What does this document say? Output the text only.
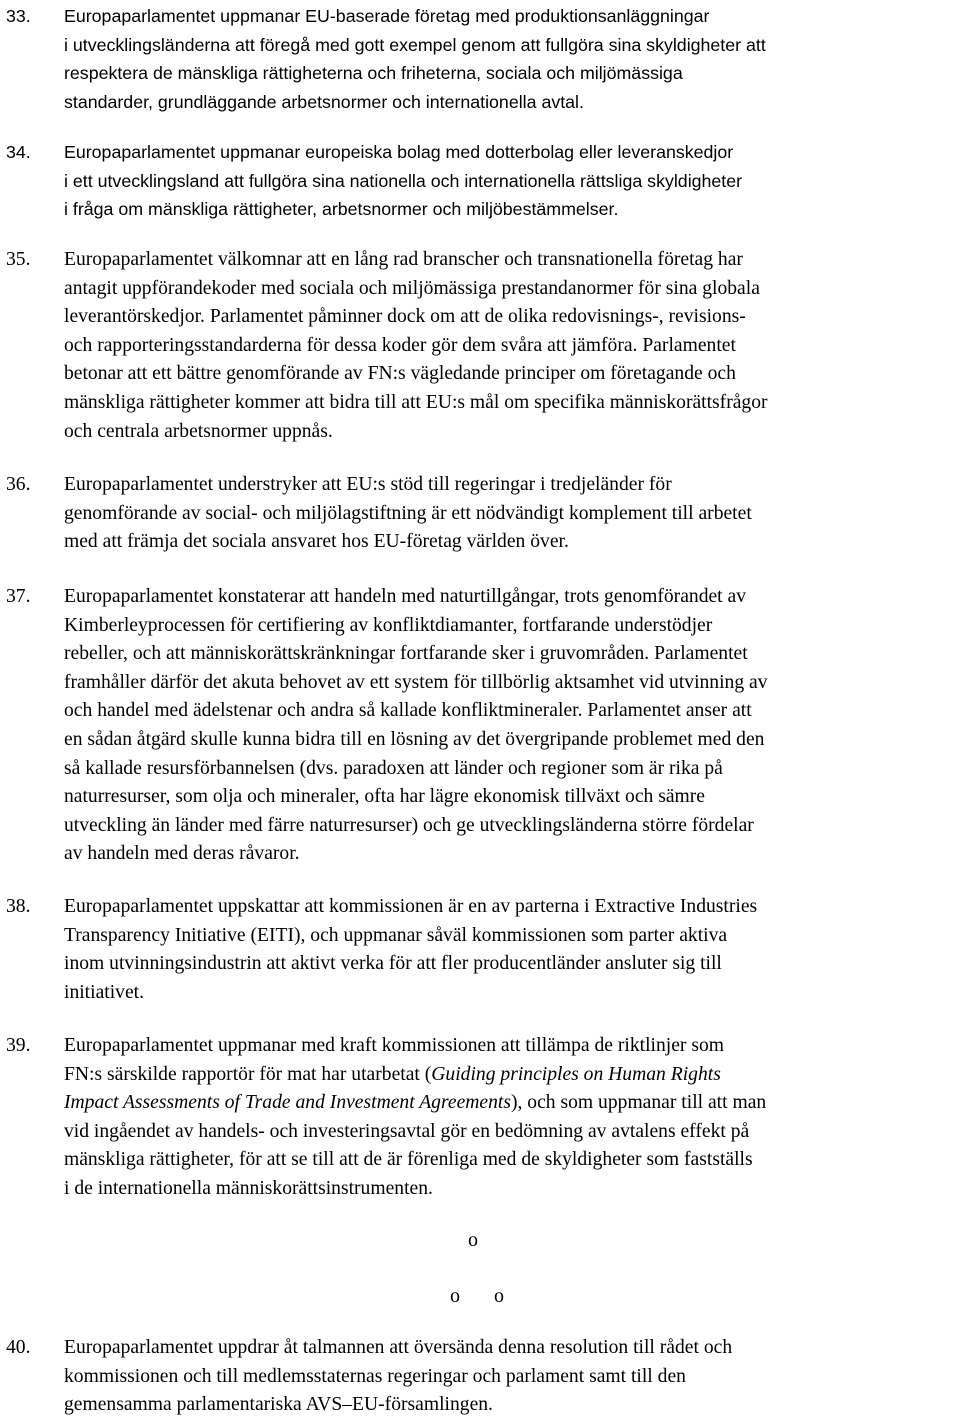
33.	Europaparlamentet uppmanar EU-baserade företag med produktionsanläggningar
i utvecklingsländerna att föregå med gott exempel genom att fullgöra sina skyldigheter att
respektera de mänskliga rättigheterna och friheterna, sociala och miljömässiga
standarder, grundläggande arbetsnormer och internationella avtal.
34.	Europaparlamentet uppmanar europeiska bolag med dotterbolag eller leveranskedjor
i ett utvecklingsland att fullgöra sina nationella och internationella rättsliga skyldigheter
i fråga om mänskliga rättigheter, arbetsnormer och miljöbestämmelser.
35.	Europaparlamentet välkomnar att en lång rad branscher och transnationella företag har
antagit uppförandekoder med sociala och miljömässiga prestandanormer för sina globala
leverantörskedjor. Parlamentet påminner dock om att de olika redovisnings-, revisions-
och rapporteringsstandarderna för dessa koder gör dem svåra att jämföra. Parlamentet
betonar att ett bättre genomförande av FN:s vägledande principer om företagande och
mänskliga rättigheter kommer att bidra till att EU:s mål om specifika människorättsfrågor
och centrala arbetsnormer uppnås.
36.	Europaparlamentet understryker att EU:s stöd till regeringar i tredjeländer för
genomförande av social- och miljölagstiftning är ett nödvändigt komplement till arbetet
med att främja det sociala ansvaret hos EU-företag världen över.
37.	Europaparlamentet konstaterar att handeln med naturtillgångar, trots genomförandet av
Kimberleyprocessen för certifiering av konfliktdiamanter, fortfarande understödjer
rebeller, och att människorättskränkningar fortfarande sker i gruvområden. Parlamentet
framhåller därför det akuta behovet av ett system för tillbörlig aktsamhet vid utvinning av
och handel med ädelstenar och andra så kallade konfliktmineraler. Parlamentet anser att
en sådan åtgärd skulle kunna bidra till en lösning av det övergripande problemet med den
så kallade resursförbannelsen (dvs. paradoxen att länder och regioner som är rika på
naturresurser, som olja och mineraler, ofta har lägre ekonomisk tillväxt och sämre
utveckling än länder med färre naturresurser) och ge utvecklingsländerna större fördelar
av handeln med deras råvaror.
38.	Europaparlamentet uppskattar att kommissionen är en av parterna i Extractive Industries
Transparency Initiative (EITI), och uppmanar såväl kommissionen som parter aktiva
inom utvinningsindustrin att aktivt verka för att fler producentländer ansluter sig till
initiativet.
39.	Europaparlamentet uppmanar med kraft kommissionen att tillämpa de riktlinjer som
FN:s särskilde rapportör för mat har utarbetat (Guiding principles on Human Rights
Impact Assessments of Trade and Investment Agreements), och som uppmanar till att man
vid ingåendet av handels- och investeringsavtal gör en bedömning av avtalens effekt på
mänskliga rättigheter, för att se till att de är förenliga med de skyldigheter som fastställs
i de internationella människorättsinstrumenten.
o
o o
40.	Europaparlamentet uppdrar åt talmannen att översända denna resolution till rådet och
kommissionen och till medlemsstaternas regeringar och parlament samt till den
gemensamma parlamentariska AVS–EU-församlingen.
